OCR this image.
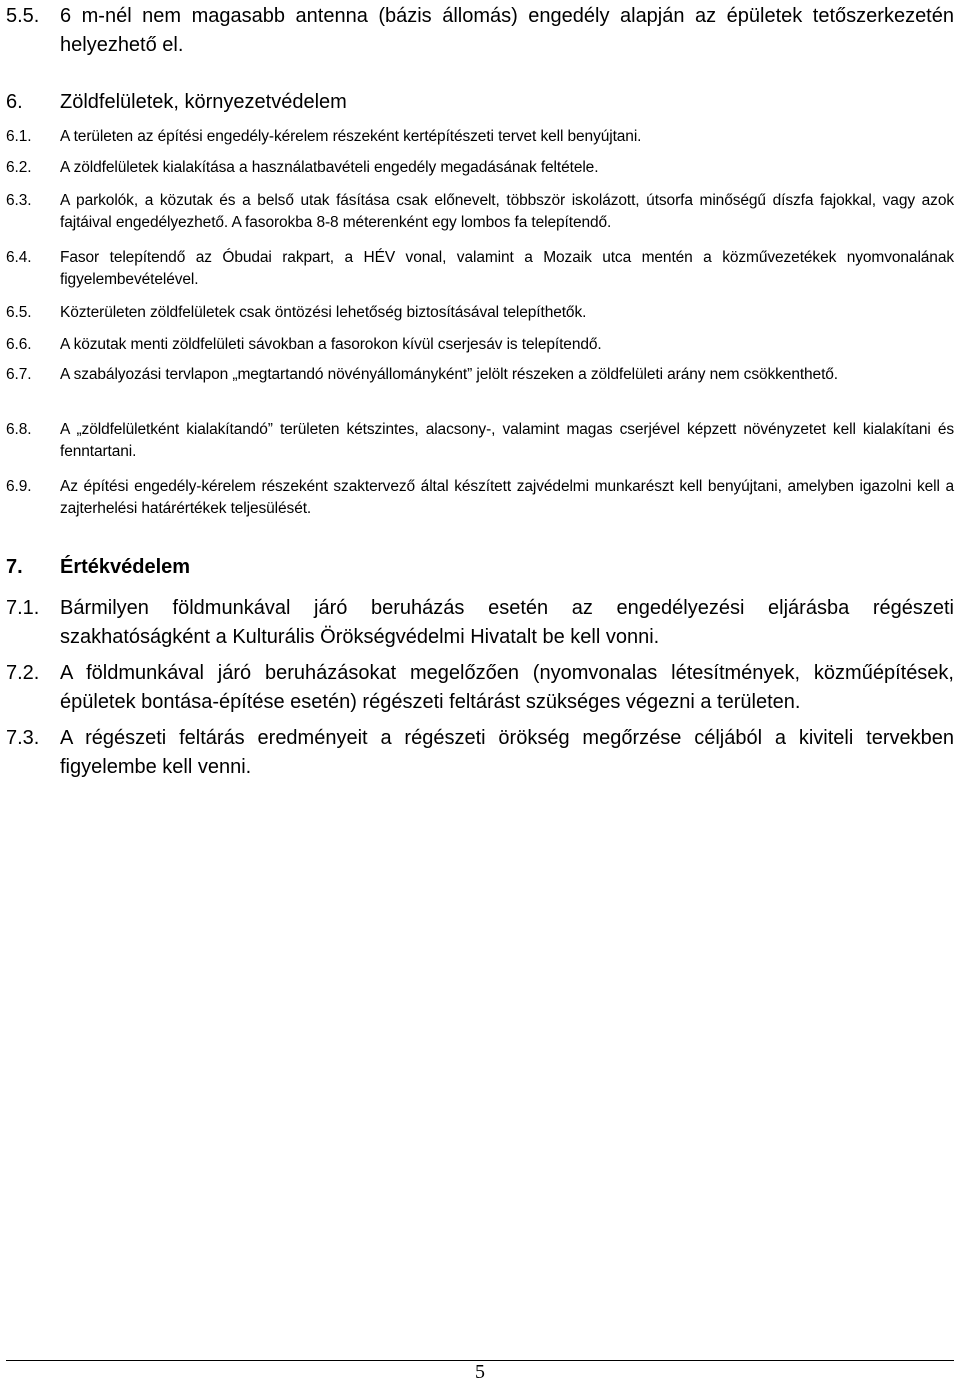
5.5. 6 m-nél nem magasabb antenna (bázis állomás) engedély alapján az épületek tetőszerkezetén helyezhető el.
6. Zöldfelületek, környezetvédelem
6.1. A területen az építési engedély-kérelem részeként kertépítészeti tervet kell benyújtani.
6.2. A zöldfelületek kialakítása a használatbavételi engedély megadásának feltétele.
6.3. A parkolók, a közutak és a belső utak fásítása csak előnevelt, többször iskolázott, útsorfa minőségű díszfa fajokkal, vagy azok fajtáival engedélyezhető. A fasorokba 8-8 méterenként egy lombos fa telepítendő.
6.4. Fasor telepítendő az Óbudai rakpart, a HÉV vonal, valamint a Mozaik utca mentén a közművezetékek nyomvonalának figyelembevételével.
6.5. Közterületen zöldfelületek csak öntözési lehetőség biztosításával telepíthetők.
6.6. A közutak menti zöldfelületi sávokban a fasorokon kívül cserjesáv is telepítendő.
6.7. A szabályozási tervlapon „megtartandó növényállományként” jelölt részeken a zöldfelületi arány nem csökkenthető.
6.8. A „zöldfelületként kialakítandó” területen kétszintes, alacsony-, valamint magas cserjével képzett növényzetet kell kialakítani és fenntartani.
6.9. Az építési engedély-kérelem részeként szaktervező által készített zajvédelmi munkarészt kell benyújtani, amelyben igazolni kell a zajterhelési határértékek teljesülését.
7. Értékvédelem
7.1. Bármilyen földmunkával járó beruházás esetén az engedélyezési eljárásba régészeti szakhatóságként a Kulturális Örökségvédelmi Hivatalt be kell vonni.
7.2. A földmunkával járó beruházásokat megelőzően (nyomvonalas létesítmények, közműépítések, épületek bontása-építése esetén) régészeti feltárást szükséges végezni a területen.
7.3. A régészeti feltárás eredményeit a régészeti örökség megőrzése céljából a kiviteli tervekben figyelembe kell venni.
5
